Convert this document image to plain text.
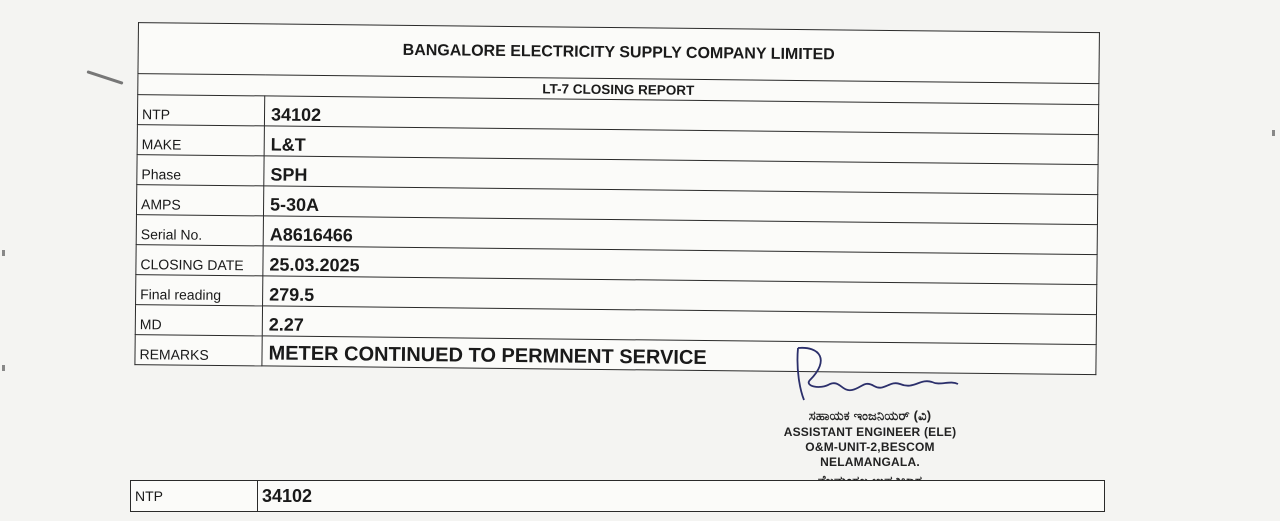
BANGALORE ELECTRICITY SUPPLY COMPANY LIMITED	
LT-7 CLOSING REPORT	
NTP	34102
MAKE	L&T
Phase	SPH
AMPS	5-30A
Serial No.	A8616466
CLOSING DATE	25.03.2025
Final reading	279.5
MD	2.27
REMARKS	METER CONTINUED TO PERMNENT SERVICE
ಸಹಾಯಕ ಇಂಜನಿಯರ್ (ವಿ)
ASSISTANT ENGINEER (ELE)
O&M-UNIT-2,BESCOM
NELAMANGALA.
NTP	34102
